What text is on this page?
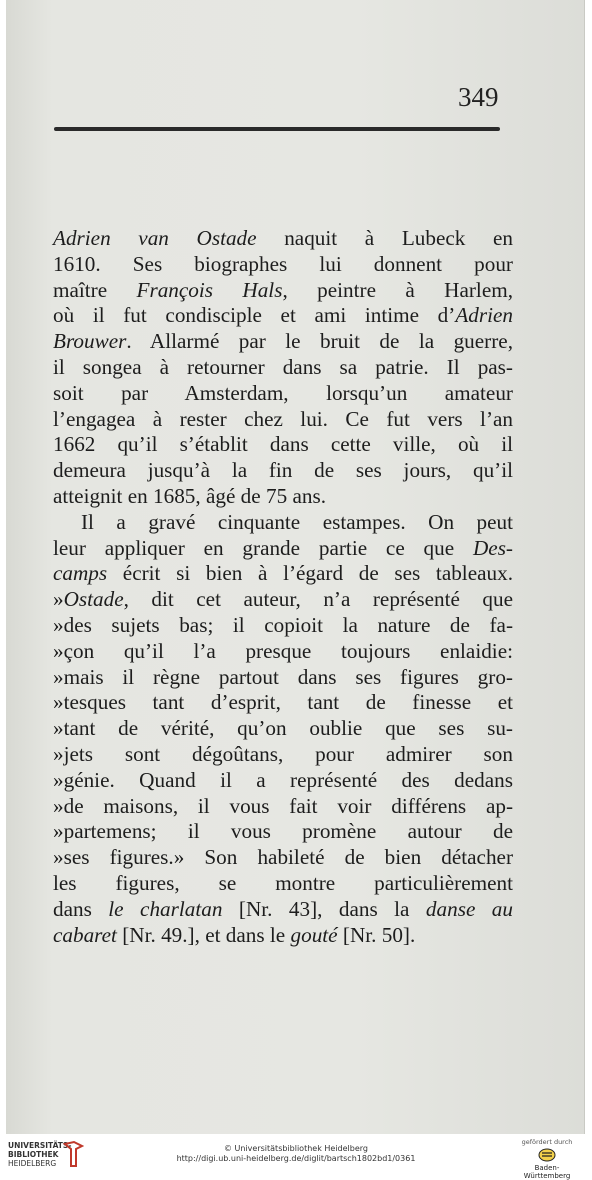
349
Adrien van Ostade naquit à Lubeck en
1610. Ses biographes lui donnent pour
maître François Hals, peintre à Harlem,
où il fut condisciple et ami intime d’Adrien
Brouwer. Allarmé par le bruit de la guerre,
il songea à retourner dans sa patrie. Il pas-
soit par Amsterdam, lorsqu’un amateur
l’engagea à rester chez lui. Ce fut vers l’an
1662 qu’il s’établit dans cette ville, où il
demeura jusqu’à la fin de ses jours, qu’il
atteignit en 1685, âgé de 75 ans.
Il a gravé cinquante estampes. On peut
leur appliquer en grande partie ce que Des-
camps écrit si bien à l’égard de ses tableaux.
»Ostade, dit cet auteur, n’a représenté que
»des sujets bas; il copioit la nature de fa-
»çon qu’il l’a presque toujours enlaidie:
»mais il règne partout dans ses figures gro-
»tesques tant d’esprit, tant de finesse et
»tant de vérité, qu’on oublie que ses su-
»jets sont dégoûtans, pour admirer son
»génie. Quand il a représenté des dedans
»de maisons, il vous fait voir différens ap-
»partemens; il vous promène autour de
»ses figures.» Son habileté de bien détacher
les figures, se montre particulièrement
dans le charlatan [Nr. 43], dans la danse au
cabaret [Nr. 49.], et dans le gouté [Nr. 50].
UNIVERSITÄTS-
BIBLIOTHEK
HEIDELBERG
© Universitätsbibliothek Heidelberg
http://digi.ub.uni-heidelberg.de/diglit/bartsch1802bd1/0361
gefördert durch
Baden-Württemberg
